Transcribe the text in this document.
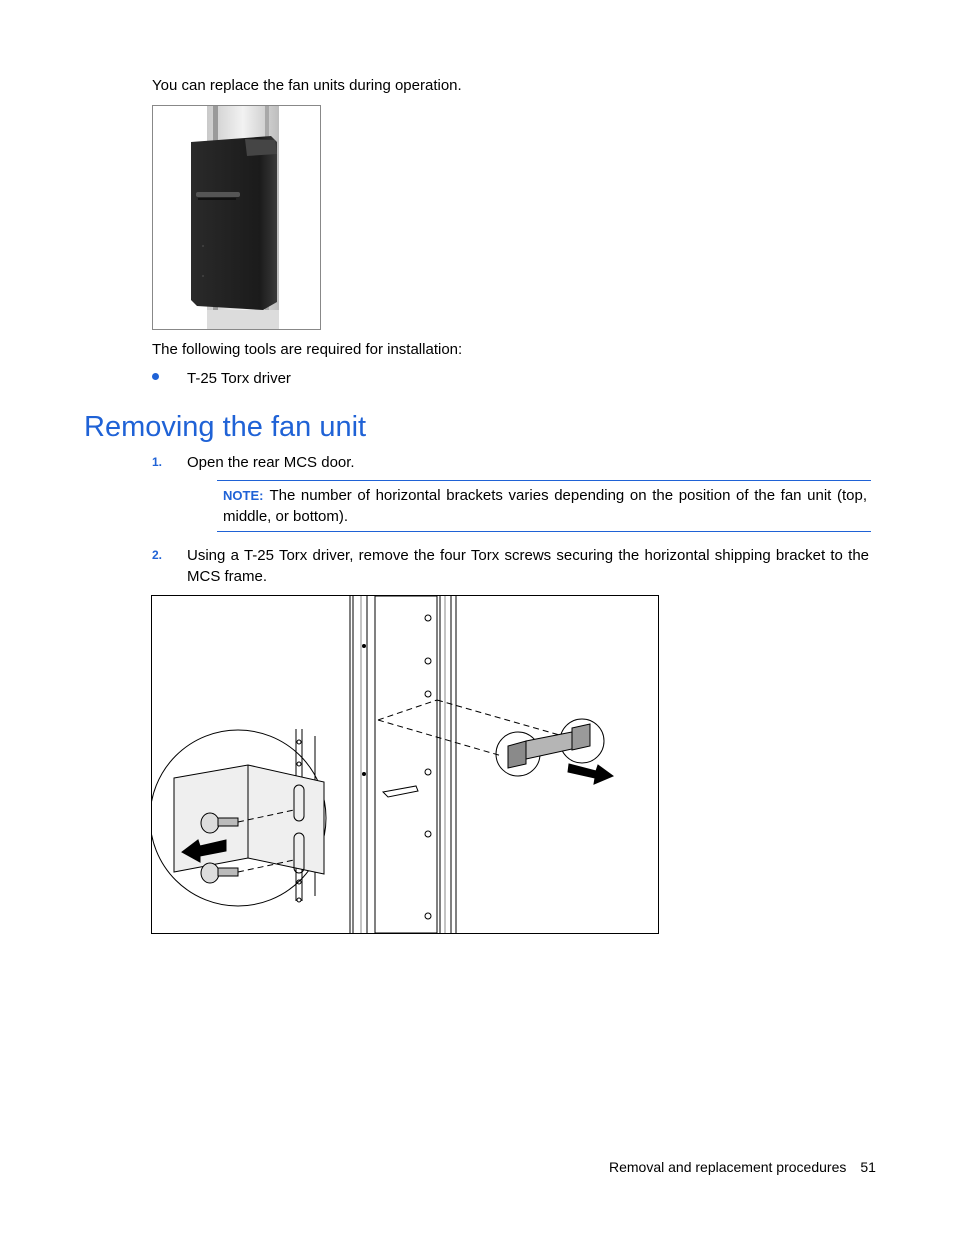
You can replace the fan units during operation.
The following tools are required for installation:
T-25 Torx driver
Removing the fan unit
1. Open the rear MCS door.
NOTE: The number of horizontal brackets varies depending on the position of the fan unit (top, middle, or bottom).
2. Using a T-25 Torx driver, remove the four Torx screws securing the horizontal shipping bracket to the MCS frame.
Removal and replacement procedures 51
